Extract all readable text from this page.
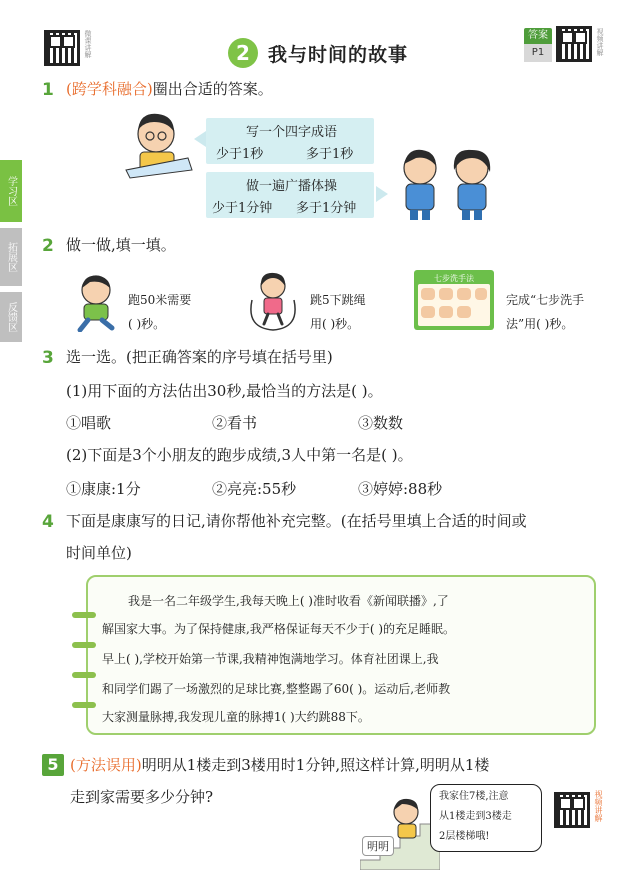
微课讲解	2 我与时间的故事
答案
P1	视频讲解
学习区
拓展区
反馈区
1 (跨学科融合)圈出合适的答案。
写一个四字成语
少于1秒	多于1秒
做一遍广播体操
少于1分钟 多于1分钟
2 做一做,填一填。
跑50米需要
( )秒。
跳5下跳绳
用( )秒。
七步洗手法
完成“七步洗手
法”用( )秒。
3 选一选。(把正确答案的序号填在括号里)
(1)用下面的方法估出30秒,最恰当的方法是( )。
①唱歌	②看书	③数数
(2)下面是3个小朋友的跑步成绩,3人中第一名是( )。
①康康:1分	②亮亮:55秒	③婷婷:88秒
4 下面是康康写的日记,请你帮他补充完整。(在括号里填上合适的时间或
时间单位)
我是一名二年级学生,我每天晚上( )准时收看《新闻联播》,了
解国家大事。为了保持健康,我严格保证每天不少于( )的充足睡眠。
早上( ),学校开始第一节课,我精神饱满地学习。体育社团课上,我
和同学们踢了一场激烈的足球比赛,整整踢了60( )。运动后,老师教
大家测量脉搏,我发现儿童的脉搏1( )大约跳88下。
5 (方法误用)明明从1楼走到3楼用时1分钟,照这样计算,明明从1楼
走到家需要多少分钟?
明明
我家住7楼,注意
从1楼走到3楼走
2层楼梯哦!
视频讲解
